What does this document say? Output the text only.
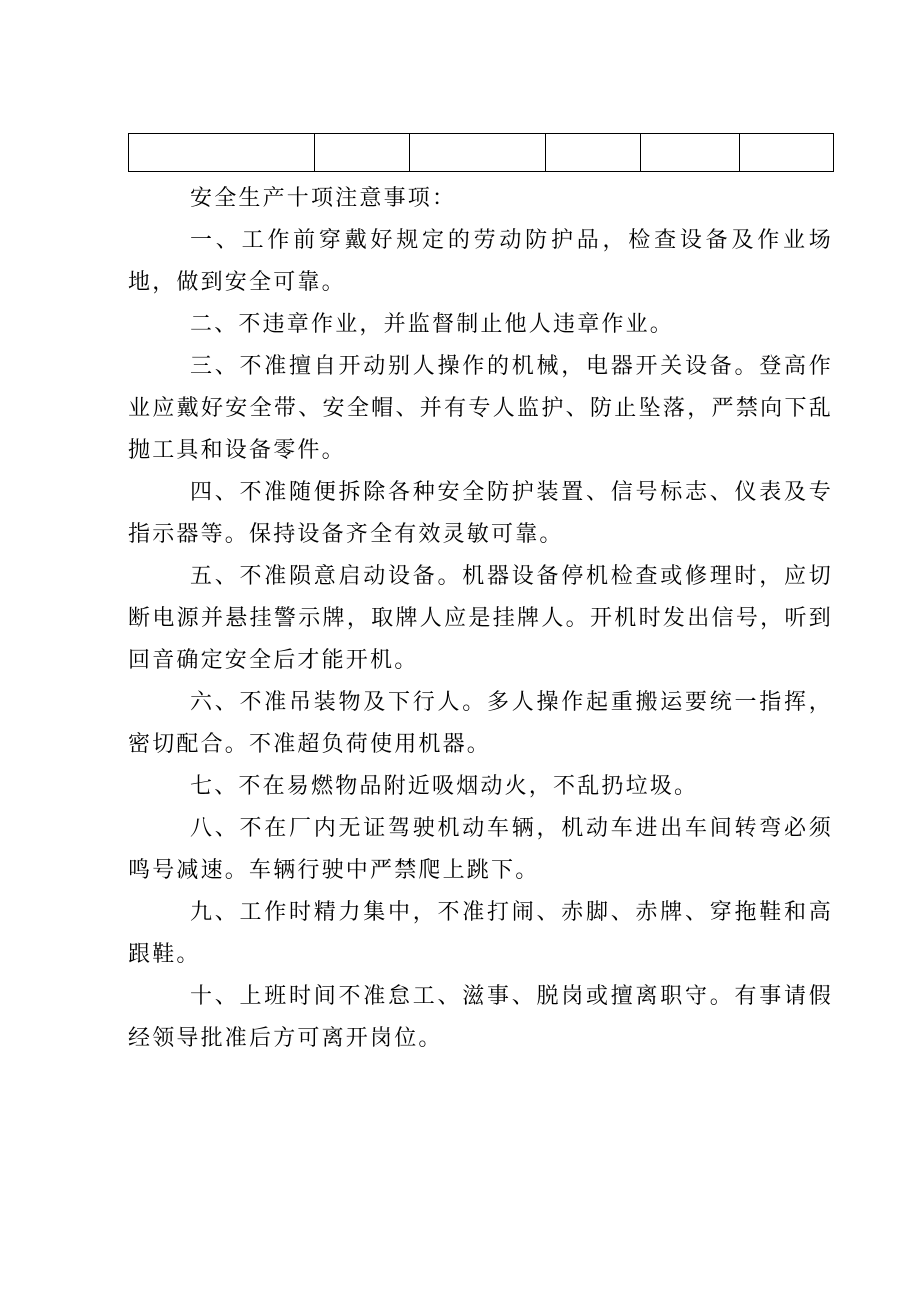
安全生产十项注意事项：

一、工作前穿戴好规定的劳动防护品，检查设备及作业场地，做到安全可靠。

二、不违章作业，并监督制止他人违章作业。

三、不准擅自开动别人操作的机械，电器开关设备。登高作业应戴好安全带、安全帽、并有专人监护、防止坠落，严禁向下乱抛工具和设备零件。

四、不准随便拆除各种安全防护装置、信号标志、仪表及专指示器等。保持设备齐全有效灵敏可靠。

五、不准陨意启动设备。机器设备停机检查或修理时，应切断电源并悬挂警示牌，取牌人应是挂牌人。开机时发出信号，听到回音确定安全后才能开机。

六、不准吊装物及下行人。多人操作起重搬运要统一指挥，密切配合。不准超负荷使用机器。

七、不在易燃物品附近吸烟动火，不乱扔垃圾。

八、不在厂内无证驾驶机动车辆，机动车进出车间转弯必须鸣号减速。车辆行驶中严禁爬上跳下。

九、工作时精力集中，不准打闹、赤脚、赤牌、穿拖鞋和高跟鞋。

十、上班时间不准怠工、滋事、脱岗或擅离职守。有事请假经领导批准后方可离开岗位。
